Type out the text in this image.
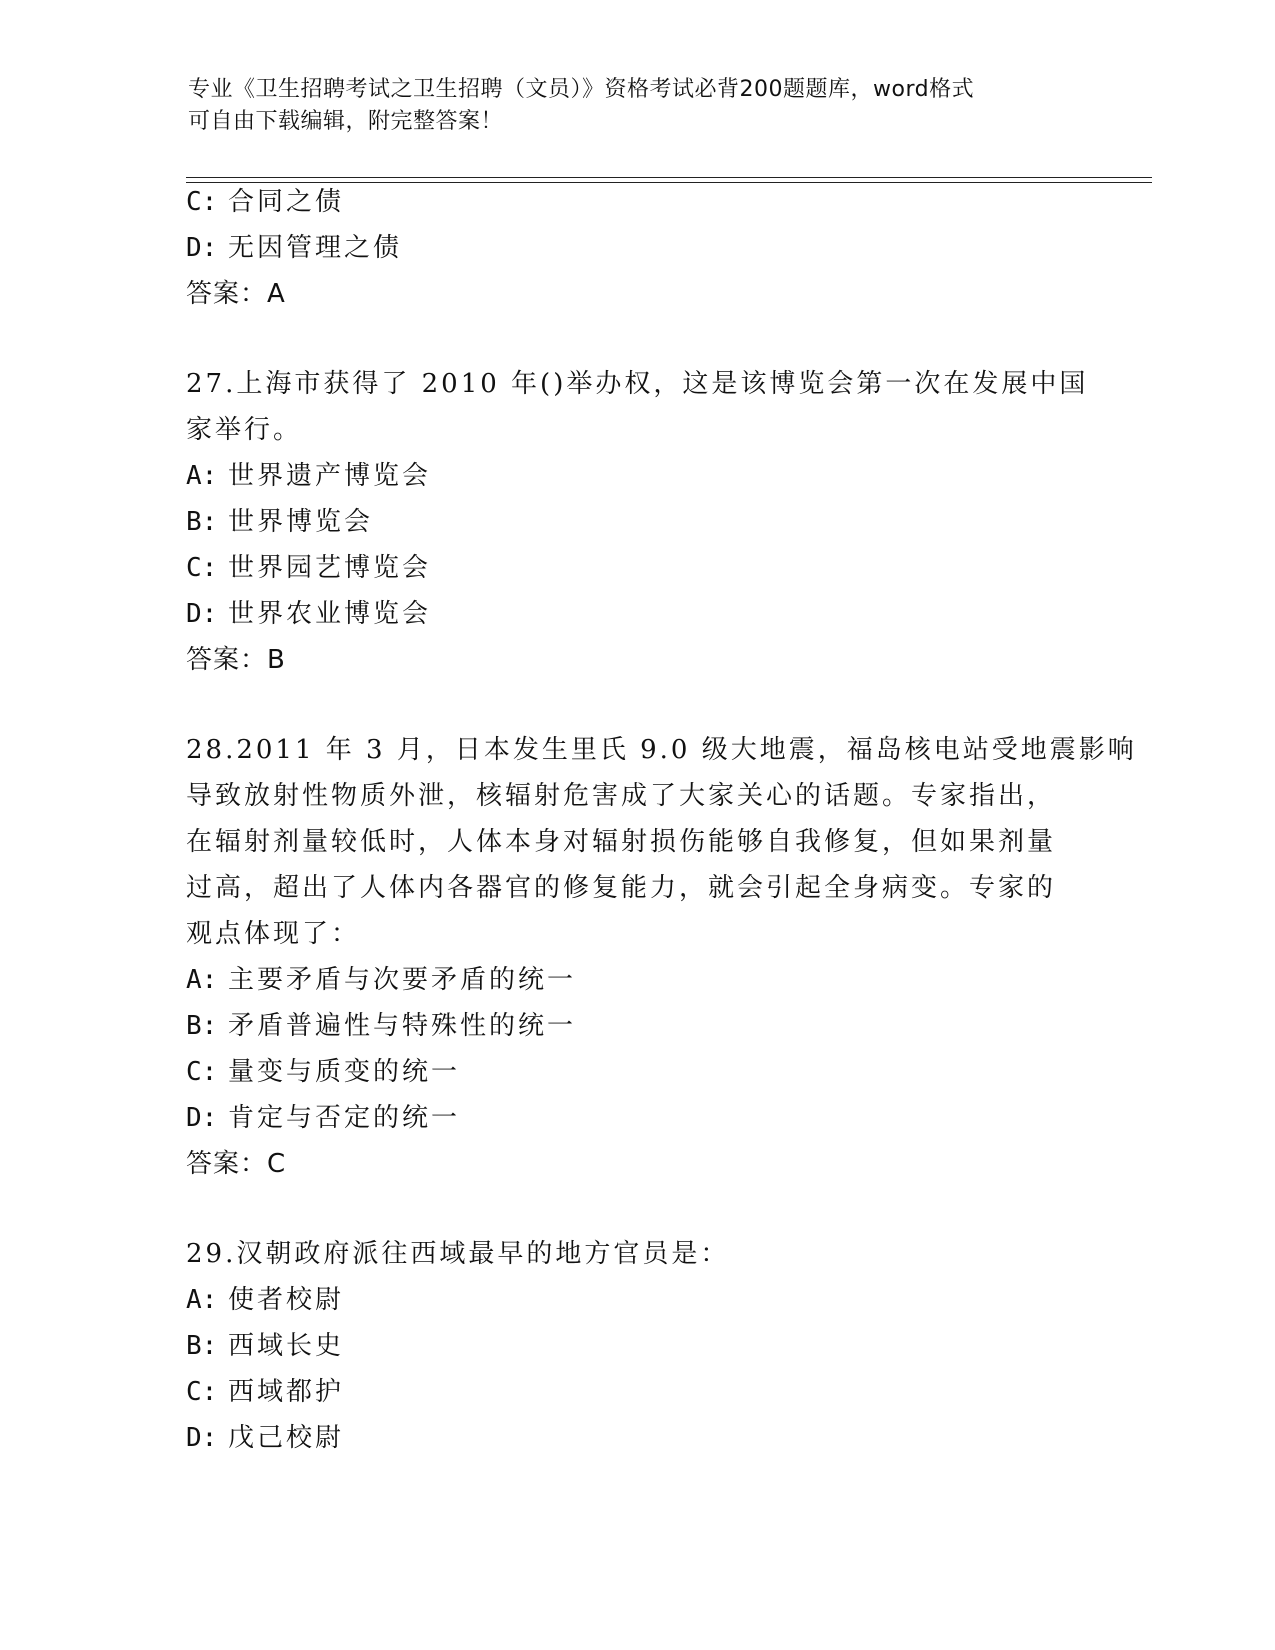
专业《卫生招聘考试之卫生招聘（文员）》资格考试必背200题题库，word格式

可自由下载编辑，附完整答案！

C: 合同之债

D: 无因管理之债

答案：A

27.上海市获得了 2010 年()举办权，这是该博览会第一次在发展中国

家举行。

A: 世界遗产博览会

B: 世界博览会

C: 世界园艺博览会

D: 世界农业博览会

答案：B

28.2011 年 3 月，日本发生里氏 9.0 级大地震，福岛核电站受地震影响

导致放射性物质外泄，核辐射危害成了大家关心的话题。专家指出，

在辐射剂量较低时，人体本身对辐射损伤能够自我修复，但如果剂量

过高，超出了人体内各器官的修复能力，就会引起全身病变。专家的

观点体现了：

A: 主要矛盾与次要矛盾的统一

B: 矛盾普遍性与特殊性的统一

C: 量变与质变的统一

D: 肯定与否定的统一

答案：C

29.汉朝政府派往西域最早的地方官员是：

A: 使者校尉

B: 西域长史

C: 西域都护

D: 戊己校尉
